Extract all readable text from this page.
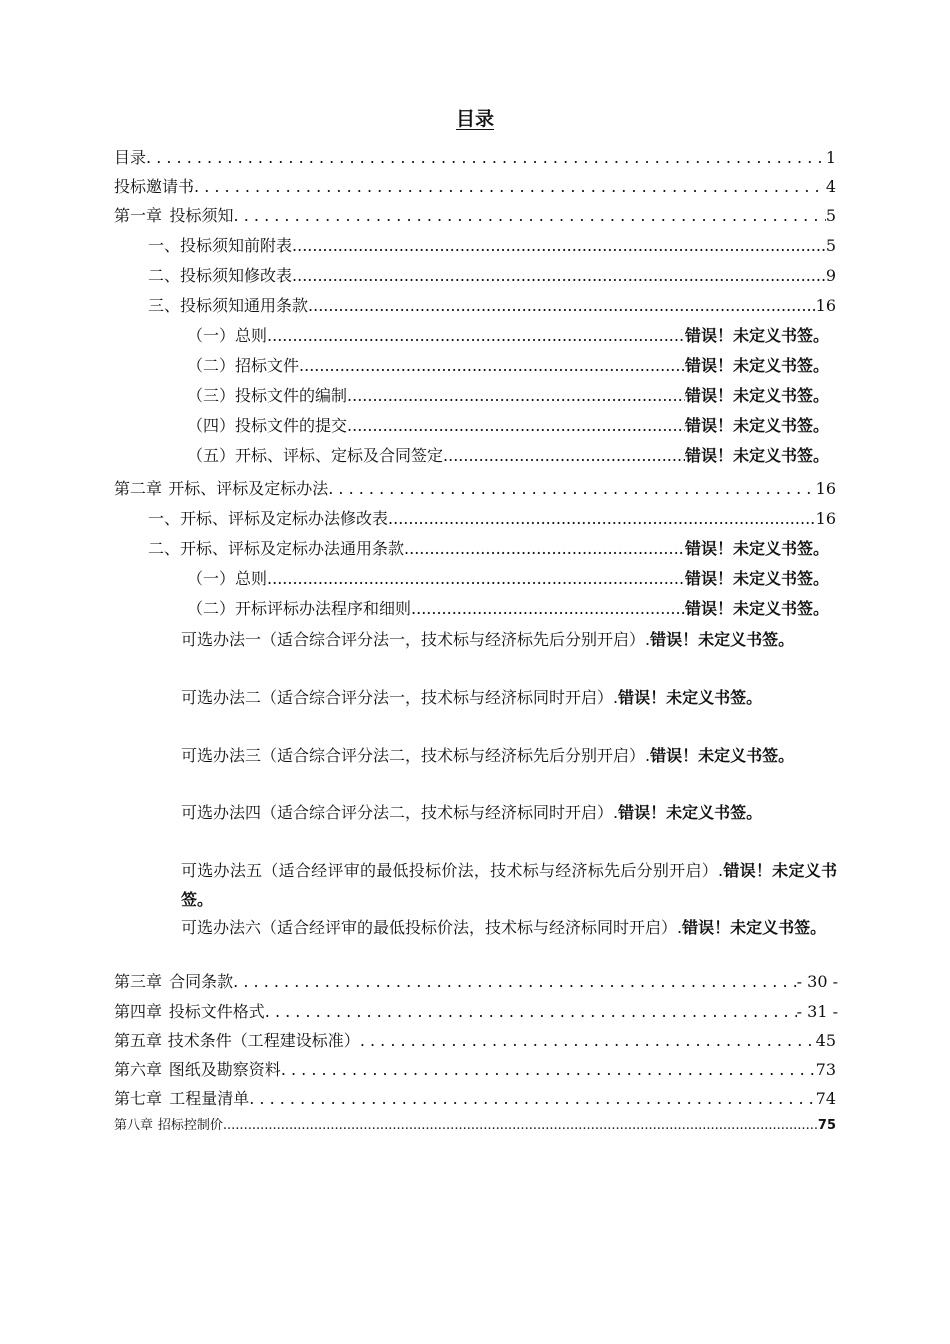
目录
目录 . . .	1
投标邀请书 . . .	4
第一章 投标须知 . . .	5
一、投标须知前附表 .....	5
二、投标须知修改表 .....	9
三、投标须知通用条款 .....	16
（一）总则 .....	错误！未定义书签。
（二）招标文件 .....	错误！未定义书签。
（三）投标文件的编制 .....	错误！未定义书签。
（四）投标文件的提交 .....	错误！未定义书签。
（五）开标、评标、定标及合同签定 .....	错误！未定义书签。
第二章 开标、评标及定标办法 . . .	16
一、开标、评标及定标办法修改表 .....	16
二、开标、评标及定标办法通用条款 .....	错误！未定义书签。
（一）总则 .....	错误！未定义书签。
（二）开标评标办法程序和细则 .....	错误！未定义书签。
可选办法一（适合综合评分法一，技术标与经济标先后分别开启）.错误！未定义书签。
可选办法二（适合综合评分法一，技术标与经济标同时开启）.错误！未定义书签。
可选办法三（适合综合评分法二，技术标与经济标先后分别开启）.错误！未定义书签。
可选办法四（适合综合评分法二，技术标与经济标同时开启）.错误！未定义书签。
可选办法五（适合经评审的最低投标价法，技术标与经济标先后分别开启）.错误！未定义书签。
可选办法六（适合经评审的最低投标价法，技术标与经济标同时开启）.错误！未定义书签。
第三章 合同条款 . . .	- 30 -
第四章 投标文件格式 . . .	- 31 -
第五章 技术条件（工程建设标准） . . .	45
第六章 图纸及勘察资料 . . .	73
第七章 工程量清单 . . .	74
第八章 招标控制价 .....	75
